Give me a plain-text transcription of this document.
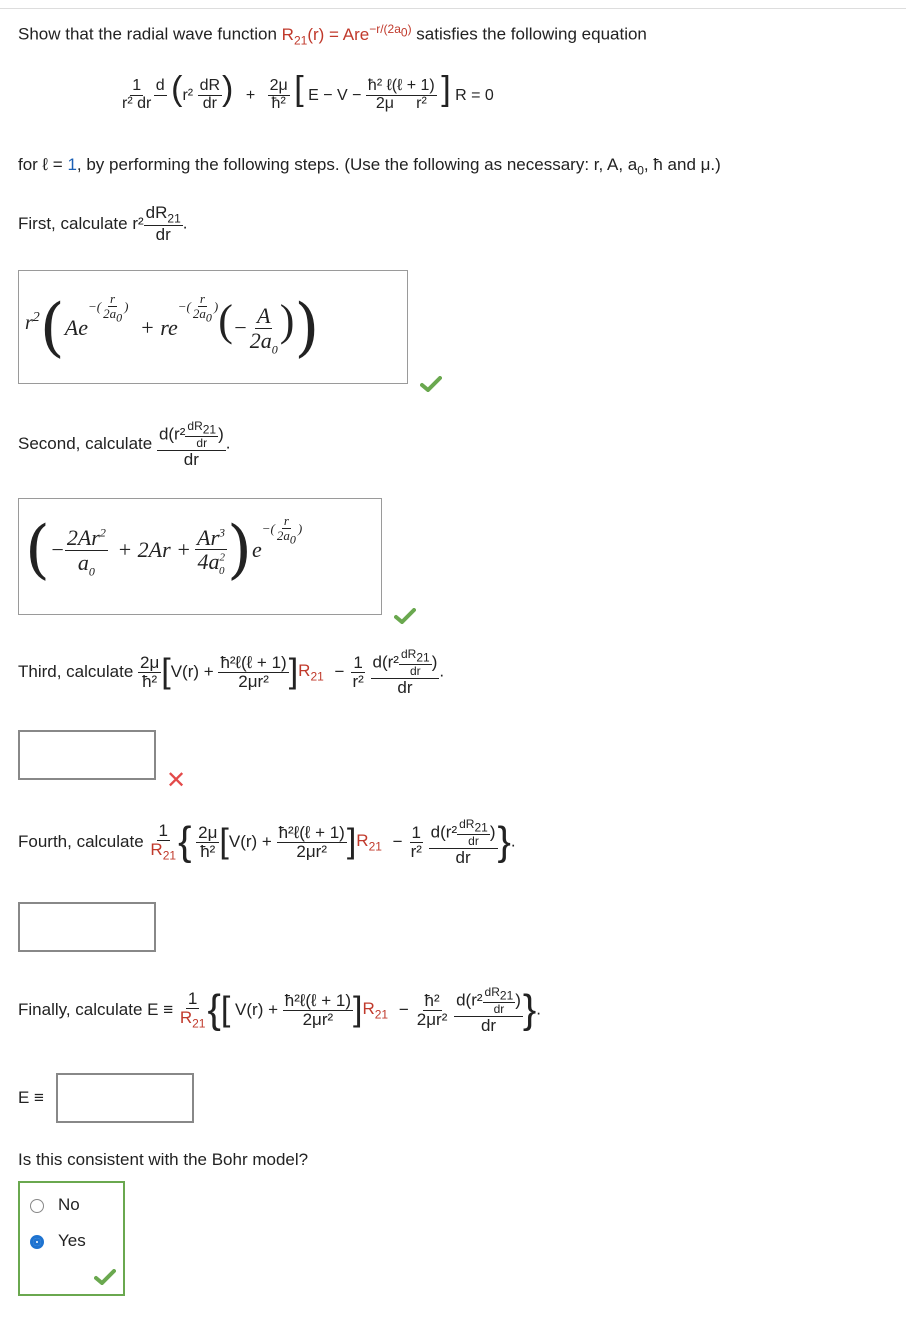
Show that the radial wave function $R_{21}(r) = Are^{-r/(2a_0)}$ satisfies the following equation
$\frac{1}{\text{r² dr}}$
d ($r^2 \frac{dR}{dr}$ ) + $\frac{2\mu}{\text{ħ²}}$ [ $E - V - \frac{\text{ħ² ℓ(ℓ + 1)}}{\text{2μ r²}}$ ] R = 0
for ℓ = 1, by performing the following steps. (Use the following as necessary: r, A, $a_0$, ħ and μ.)
First, calculate $r^2 \frac{dR_{21}}{dr}$ .
$r^2(Ae^{-( \frac{r}{2a_0} )} + re^{-( \frac{r}{2a_0} )}(- \frac{A}{2a_0}$ ))
Second, calculate $\frac{d(r^2 \frac{dR_{21}}{dr} )}{dr}$ .
(− $\frac{2Ar^2}{a_0} + 2Ar + \frac{Ar^3}{4a^2_0} )e^{-( \frac{r}{2a_0} )}$
Third, calculate $\frac{2\mu}{\text{ħ²}} [V(r) + \frac{\text{ħ²ℓ(ℓ + 1)}}{\text{2μr²}} ]R_{21} - \frac{1}{\text{r²}}$
$\frac{d(r^2 \frac{dR_{21}}{dr} )}{dr}$ .
✕
Fourth, calculate $\frac{1}{R_{21}}$ { $\frac{2\mu}{\text{ħ²}} [V(r) + \frac{\text{ħ²ℓ(ℓ + 1)}}{\text{2μr²}} ]R_{21} - \frac{1}{\text{r²}}$
$\frac{d(r^2 \frac{dR_{21}}{dr} )}{dr}$ }.
Finally, calculate $E \equiv \frac{1}{R_{21}}$ {[ $V(r) + \frac{\text{ħ²ℓ(ℓ + 1)}}{\text{2μr²}} ]R_{21} - \frac{\text{ħ²}}{\text{2μr²}}$
$\frac{d(r^2 \frac{dR_{21}}{dr} )}{dr}$ }.
E ≡
Is this consistent with the Bohr model?
No
Yes
